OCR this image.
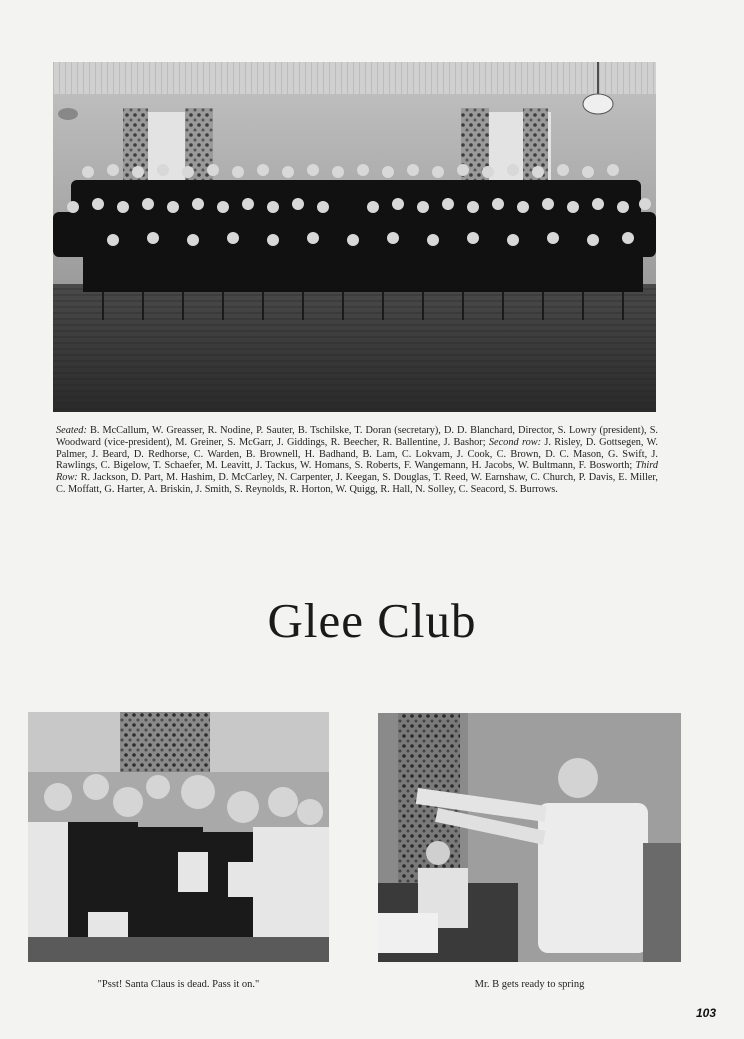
Seated: B. McCallum, W. Greasser, R. Nodine, P. Sauter, B. Tschilske, T. Doran (secretary), D. D. Blanchard, Director, S. Lowry (president), S. Woodward (vice-president), M. Greiner, S. McGarr, J. Giddings, R. Beecher, R. Ballentine, J. Bashor; Second row: J. Risley, D. Gottsegen, W. Palmer, J. Beard, D. Redhorse, C. Warden, B. Brownell, H. Badhand, B. Lam, C. Lokvam, J. Cook, C. Brown, D. C. Mason, G. Swift, J. Rawlings, C. Bigelow, T. Schaefer, M. Leavitt, J. Tackus, W. Homans, S. Roberts, F. Wangemann, H. Jacobs, W. Bultmann, F. Bosworth; Third Row: R. Jackson, D. Part, M. Hashim, D. McCarley, N. Carpenter, J. Keegan, S. Douglas, T. Reed, W. Earnshaw, C. Church, P. Davis, E. Miller, C. Moffatt, G. Harter, A. Briskin, J. Smith, S. Reynolds, R. Horton, W. Quigg, R. Hall, N. Solley, C. Seacord, S. Burrows.
Glee Club
"Psst! Santa Claus is dead. Pass it on."	Mr. B gets ready to spring
103
